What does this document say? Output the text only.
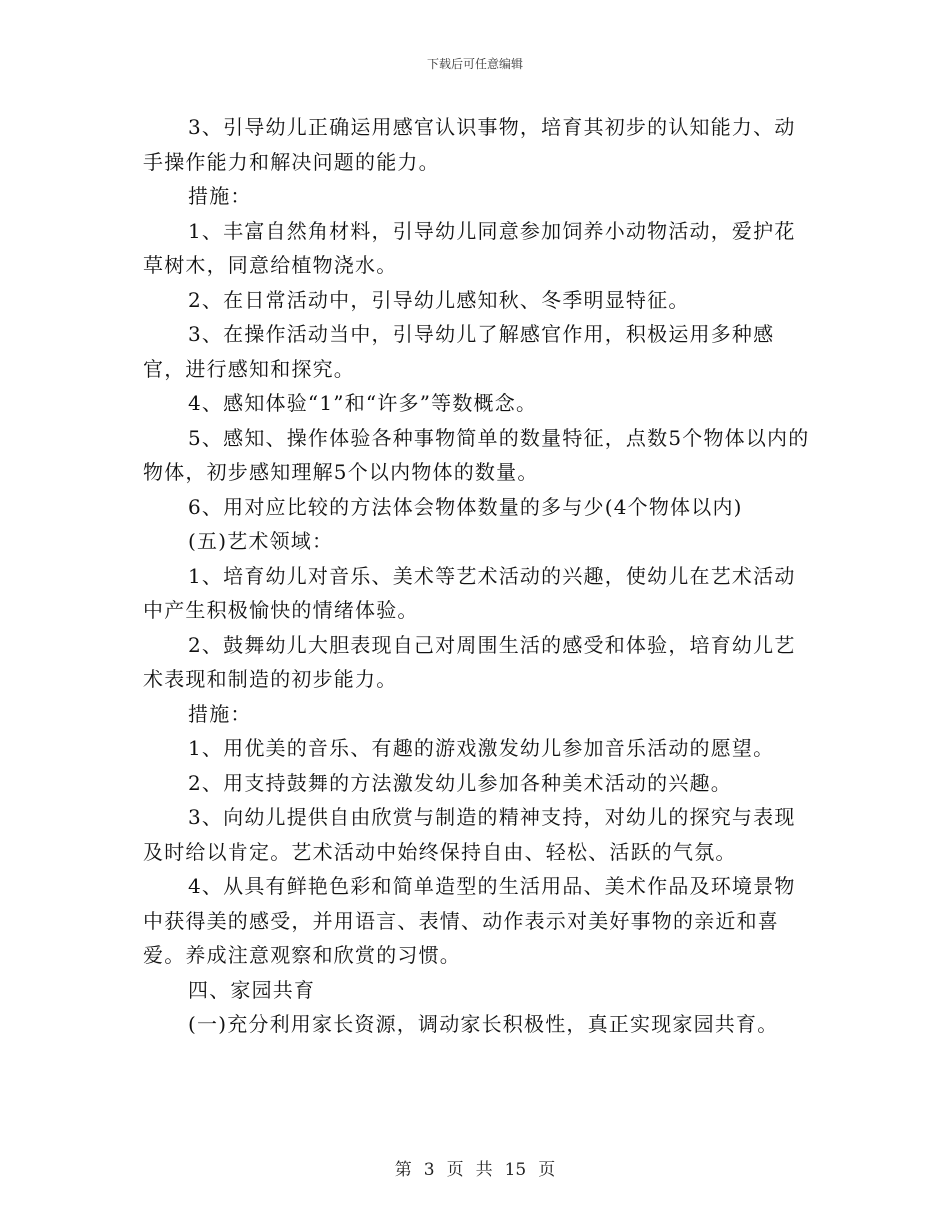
下载后可任意编辑

3、引导幼儿正确运用感官认识事物，培育其初步的认知能力、动手操作能力和解决问题的能力。

措施：

1、丰富自然角材料，引导幼儿同意参加饲养小动物活动，爱护花草树木，同意给植物浇水。

2、在日常活动中，引导幼儿感知秋、冬季明显特征。

3、在操作活动当中，引导幼儿了解感官作用，积极运用多种感官，进行感知和探究。

4、感知体验“1”和“许多”等数概念。

5、感知、操作体验各种事物简单的数量特征，点数5个物体以内的物体，初步感知理解5个以内物体的数量。

6、用对应比较的方法体会物体数量的多与少(4个物体以内)

(五)艺术领域：

1、培育幼儿对音乐、美术等艺术活动的兴趣，使幼儿在艺术活动中产生积极愉快的情绪体验。

2、鼓舞幼儿大胆表现自己对周围生活的感受和体验，培育幼儿艺术表现和制造的初步能力。

措施：

1、用优美的音乐、有趣的游戏激发幼儿参加音乐活动的愿望。

2、用支持鼓舞的方法激发幼儿参加各种美术活动的兴趣。

3、向幼儿提供自由欣赏与制造的精神支持，对幼儿的探究与表现及时给以肯定。艺术活动中始终保持自由、轻松、活跃的气氛。

4、从具有鲜艳色彩和简单造型的生活用品、美术作品及环境景物中获得美的感受，并用语言、表情、动作表示对美好事物的亲近和喜爱。养成注意观察和欣赏的习惯。

四、家园共育

(一)充分利用家长资源，调动家长积极性，真正实现家园共育。

第 3 页 共 15 页
